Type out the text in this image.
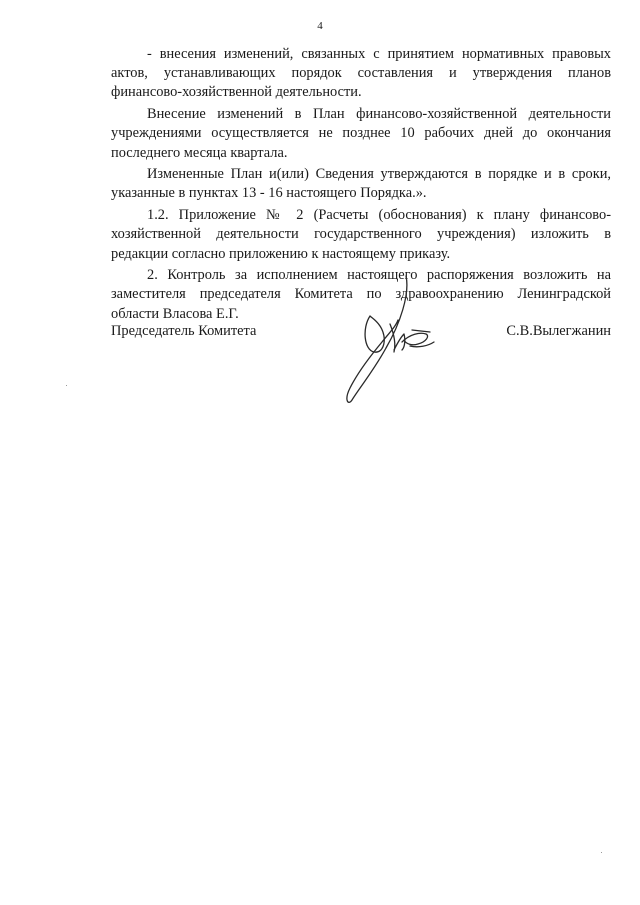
4

- внесения изменений, связанных с принятием нормативных правовых актов, устанавливающих порядок составления и утверждения планов финансово-хозяйственной деятельности.

Внесение изменений в План финансово-хозяйственной деятельности учреждениями осуществляется не позднее 10 рабочих дней до окончания последнего месяца квартала.

Измененные План и(или) Сведения утверждаются в порядке и в сроки, указанные в пунктах 13 - 16 настоящего Порядка.».

1.2. Приложение № 2 (Расчеты (обоснования) к плану финансово-хозяйственной деятельности государственного учреждения) изложить в редакции согласно приложению к настоящему приказу.

2. Контроль за исполнением настоящего распоряжения возложить на заместителя председателя Комитета по здравоохранению Ленинградской области Власова Е.Г.

Председатель Комитета	С.В.Вылегжанин
